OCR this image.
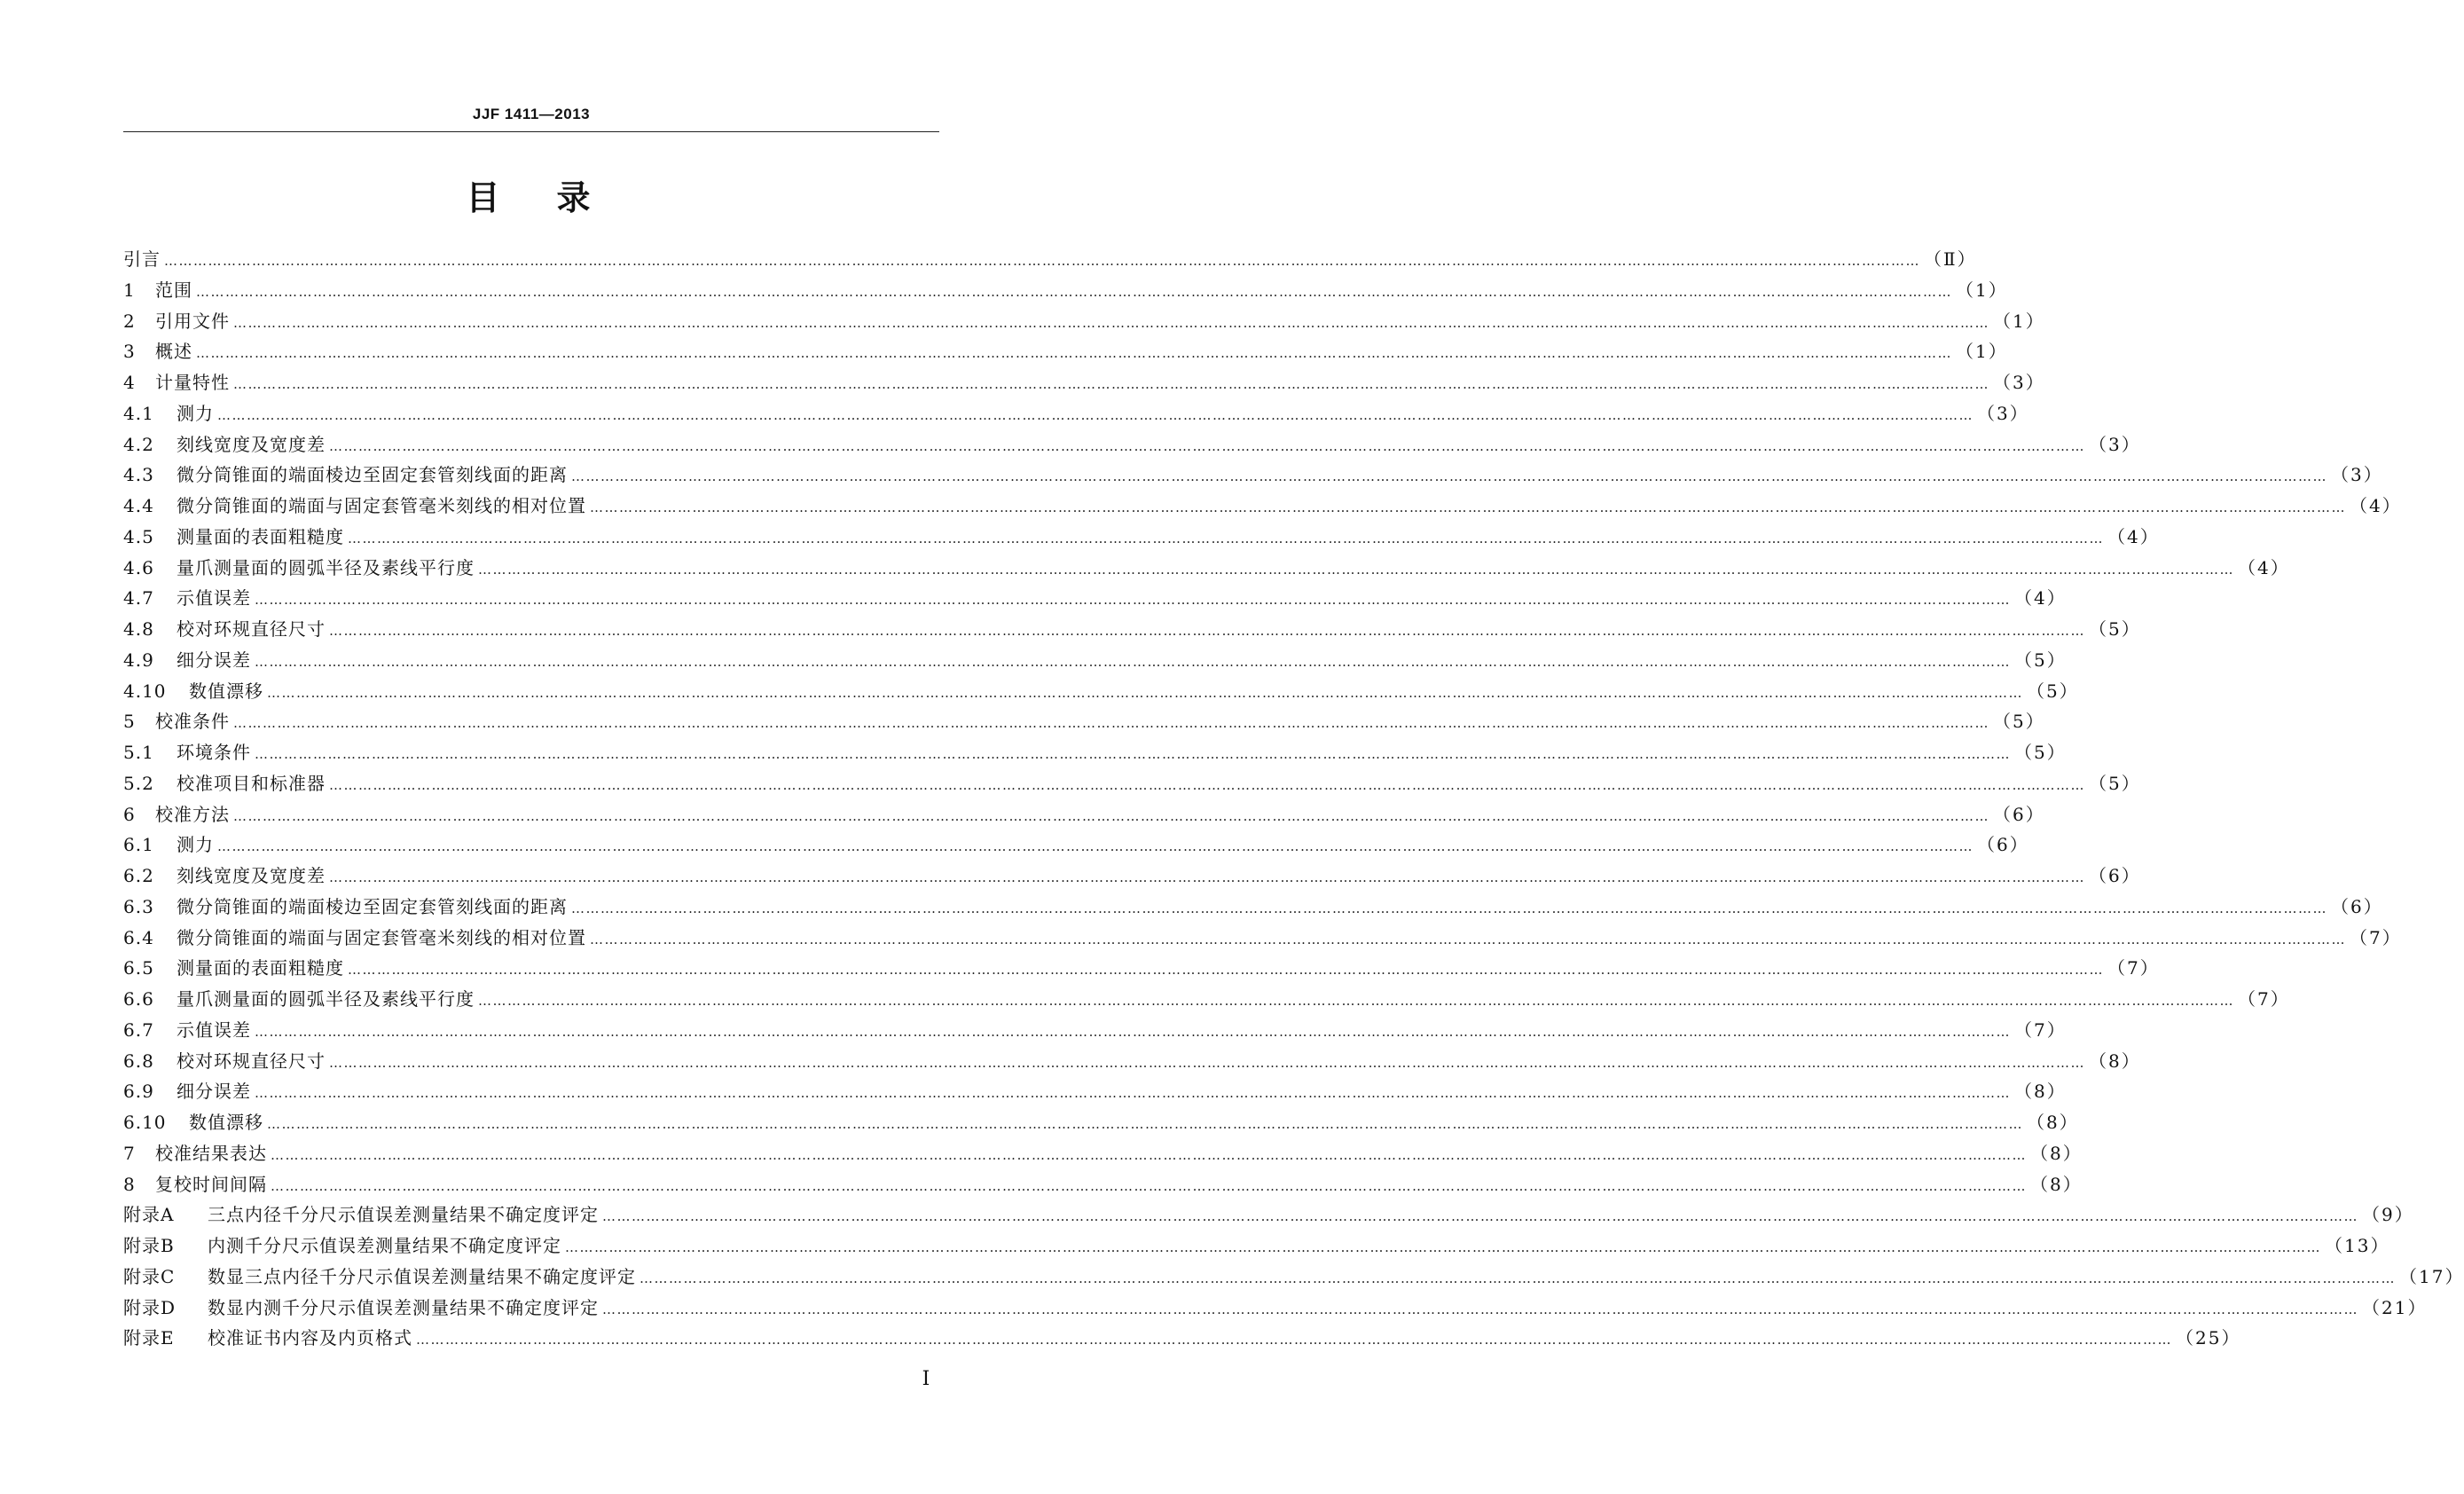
JJF 1411—2013
目录
引言 ……………………………………………………………………………………………………………………………………………………………………………………………………………………………………………………………………………………………………………………………… （Ⅱ）
1	范围 ……………………………………………………………………………………………………………………………………………………………………………………………………………………………………………………………………………………………………………………………… （1）
2	引用文件 ……………………………………………………………………………………………………………………………………………………………………………………………………………………………………………………………………………………………………………………………… （1）
3	概述 ……………………………………………………………………………………………………………………………………………………………………………………………………………………………………………………………………………………………………………………………… （1）
4	计量特性 ……………………………………………………………………………………………………………………………………………………………………………………………………………………………………………………………………………………………………………………………… （3）
4.1	测力 ……………………………………………………………………………………………………………………………………………………………………………………………………………………………………………………………………………………………………………………………… （3）
4.2	刻线宽度及宽度差 ……………………………………………………………………………………………………………………………………………………………………………………………………………………………………………………………………………………………………………………………… （3）
4.3	微分筒锥面的端面棱边至固定套管刻线面的距离 ……………………………………………………………………………………………………………………………………………………………………………………………………………………………………………………………………………………………………………………………… （3）
4.4	微分筒锥面的端面与固定套管毫米刻线的相对位置 ……………………………………………………………………………………………………………………………………………………………………………………………………………………………………………………………………………………………………………………………… （4）
4.5	测量面的表面粗糙度 ……………………………………………………………………………………………………………………………………………………………………………………………………………………………………………………………………………………………………………………………… （4）
4.6	量爪测量面的圆弧半径及素线平行度 ……………………………………………………………………………………………………………………………………………………………………………………………………………………………………………………………………………………………………………………………… （4）
4.7	示值误差 ……………………………………………………………………………………………………………………………………………………………………………………………………………………………………………………………………………………………………………………………… （4）
4.8	校对环规直径尺寸 ……………………………………………………………………………………………………………………………………………………………………………………………………………………………………………………………………………………………………………………………… （5）
4.9	细分误差 ……………………………………………………………………………………………………………………………………………………………………………………………………………………………………………………………………………………………………………………………… （5）
4.10	数值漂移 ……………………………………………………………………………………………………………………………………………………………………………………………………………………………………………………………………………………………………………………………… （5）
5	校准条件 ……………………………………………………………………………………………………………………………………………………………………………………………………………………………………………………………………………………………………………………………… （5）
5.1	环境条件 ……………………………………………………………………………………………………………………………………………………………………………………………………………………………………………………………………………………………………………………………… （5）
5.2	校准项目和标准器 ……………………………………………………………………………………………………………………………………………………………………………………………………………………………………………………………………………………………………………………………… （5）
6	校准方法 ……………………………………………………………………………………………………………………………………………………………………………………………………………………………………………………………………………………………………………………………… （6）
6.1	测力 ……………………………………………………………………………………………………………………………………………………………………………………………………………………………………………………………………………………………………………………………… （6）
6.2	刻线宽度及宽度差 ……………………………………………………………………………………………………………………………………………………………………………………………………………………………………………………………………………………………………………………………… （6）
6.3	微分筒锥面的端面棱边至固定套管刻线面的距离 ……………………………………………………………………………………………………………………………………………………………………………………………………………………………………………………………………………………………………………………………… （6）
6.4	微分筒锥面的端面与固定套管毫米刻线的相对位置 ……………………………………………………………………………………………………………………………………………………………………………………………………………………………………………………………………………………………………………………………… （7）
6.5	测量面的表面粗糙度 ……………………………………………………………………………………………………………………………………………………………………………………………………………………………………………………………………………………………………………………………… （7）
6.6	量爪测量面的圆弧半径及素线平行度 ……………………………………………………………………………………………………………………………………………………………………………………………………………………………………………………………………………………………………………………………… （7）
6.7	示值误差 ……………………………………………………………………………………………………………………………………………………………………………………………………………………………………………………………………………………………………………………………… （7）
6.8	校对环规直径尺寸 ……………………………………………………………………………………………………………………………………………………………………………………………………………………………………………………………………………………………………………………………… （8）
6.9	细分误差 ……………………………………………………………………………………………………………………………………………………………………………………………………………………………………………………………………………………………………………………………… （8）
6.10	数值漂移 ……………………………………………………………………………………………………………………………………………………………………………………………………………………………………………………………………………………………………………………………… （8）
7	校准结果表达 ……………………………………………………………………………………………………………………………………………………………………………………………………………………………………………………………………………………………………………………………… （8）
8	复校时间间隔 ……………………………………………………………………………………………………………………………………………………………………………………………………………………………………………………………………………………………………………………………… （8）
附录A	三点内径千分尺示值误差测量结果不确定度评定 ……………………………………………………………………………………………………………………………………………………………………………………………………………………………………………………………………………………………………………………………… （9）
附录B	内测千分尺示值误差测量结果不确定度评定 ……………………………………………………………………………………………………………………………………………………………………………………………………………………………………………………………………………………………………………………………… （13）
附录C	数显三点内径千分尺示值误差测量结果不确定度评定 ……………………………………………………………………………………………………………………………………………………………………………………………………………………………………………………………………………………………………………………………… （17）
附录D	数显内测千分尺示值误差测量结果不确定度评定 ……………………………………………………………………………………………………………………………………………………………………………………………………………………………………………………………………………………………………………………………… （21）
附录E	校准证书内容及内页格式 ……………………………………………………………………………………………………………………………………………………………………………………………………………………………………………………………………………………………………………………………… （25）
Ⅰ
